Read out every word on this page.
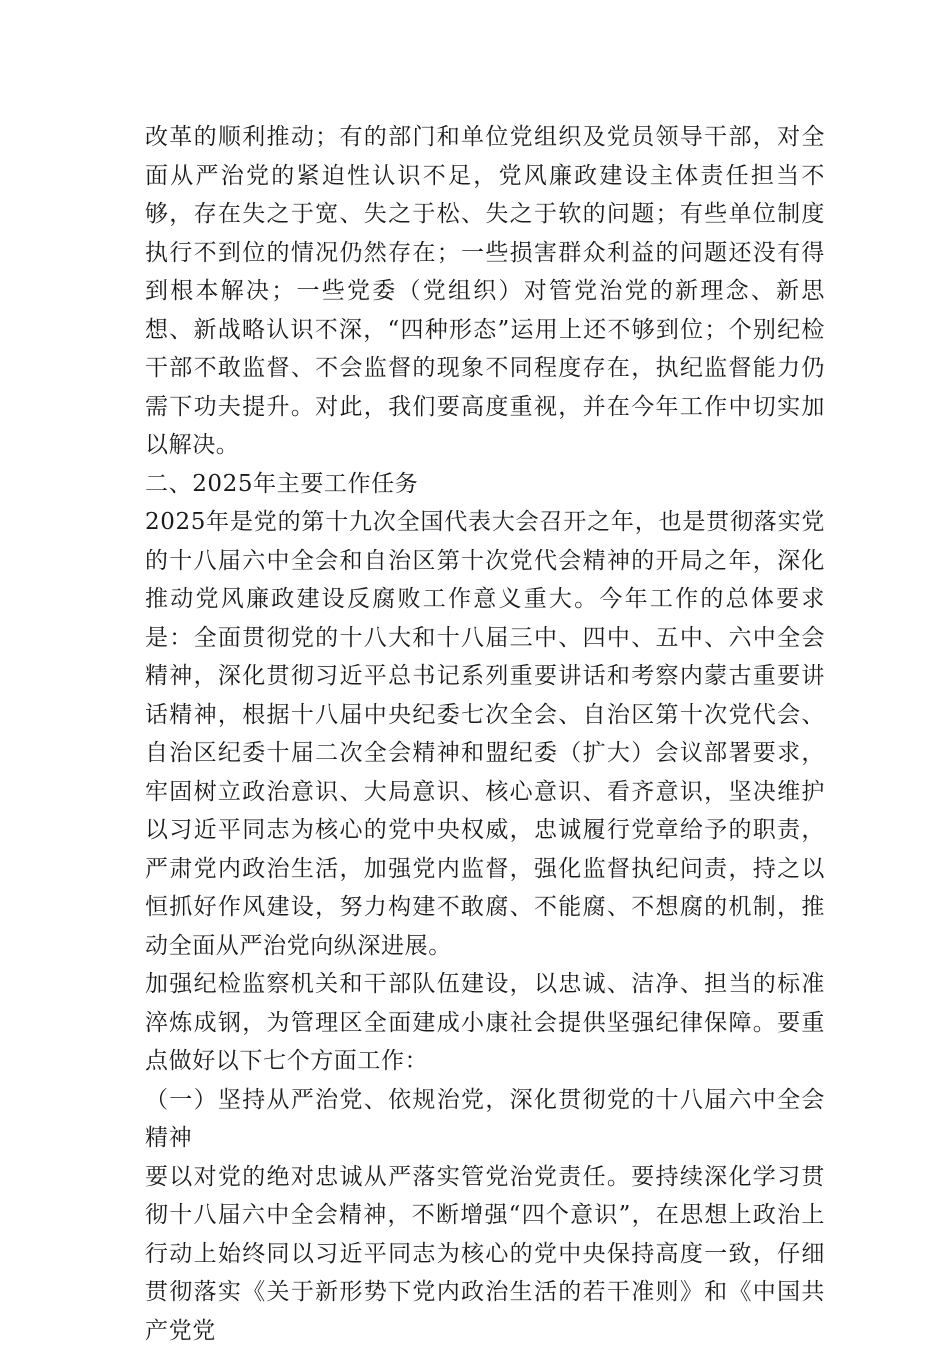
改革的顺利推动；有的部门和单位党组织及党员领导干部，对全面从严治党的紧迫性认识不足，党风廉政建设主体责任担当不够，存在失之于宽、失之于松、失之于软的问题；有些单位制度执行不到位的情况仍然存在；一些损害群众利益的问题还没有得到根本解决；一些党委（党组织）对管党治党的新理念、新思想、新战略认识不深，“四种形态”运用上还不够到位；个别纪检干部不敢监督、不会监督的现象不同程度存在，执纪监督能力仍需下功夫提升。对此，我们要高度重视，并在今年工作中切实加以解决。

二、2025年主要工作任务

2025年是党的第十九次全国代表大会召开之年，也是贯彻落实党的十八届六中全会和自治区第十次党代会精神的开局之年，深化推动党风廉政建设反腐败工作意义重大。今年工作的总体要求是：全面贯彻党的十八大和十八届三中、四中、五中、六中全会精神，深化贯彻习近平总书记系列重要讲话和考察内蒙古重要讲话精神，根据十八届中央纪委七次全会、自治区第十次党代会、自治区纪委十届二次全会精神和盟纪委（扩大）会议部署要求，牢固树立政治意识、大局意识、核心意识、看齐意识，坚决维护以习近平同志为核心的党中央权威，忠诚履行党章给予的职责，严肃党内政治生活，加强党内监督，强化监督执纪问责，持之以恒抓好作风建设，努力构建不敢腐、不能腐、不想腐的机制，推动全面从严治党向纵深进展。

加强纪检监察机关和干部队伍建设，以忠诚、洁净、担当的标准淬炼成钢，为管理区全面建成小康社会提供坚强纪律保障。要重点做好以下七个方面工作：

（一）坚持从严治党、依规治党，深化贯彻党的十八届六中全会精神

要以对党的绝对忠诚从严落实管党治党责任。要持续深化学习贯彻十八届六中全会精神，不断增强“四个意识”，在思想上政治上行动上始终同以习近平同志为核心的党中央保持高度一致，仔细贯彻落实《关于新形势下党内政治生活的若干准则》和《中国共产党党
